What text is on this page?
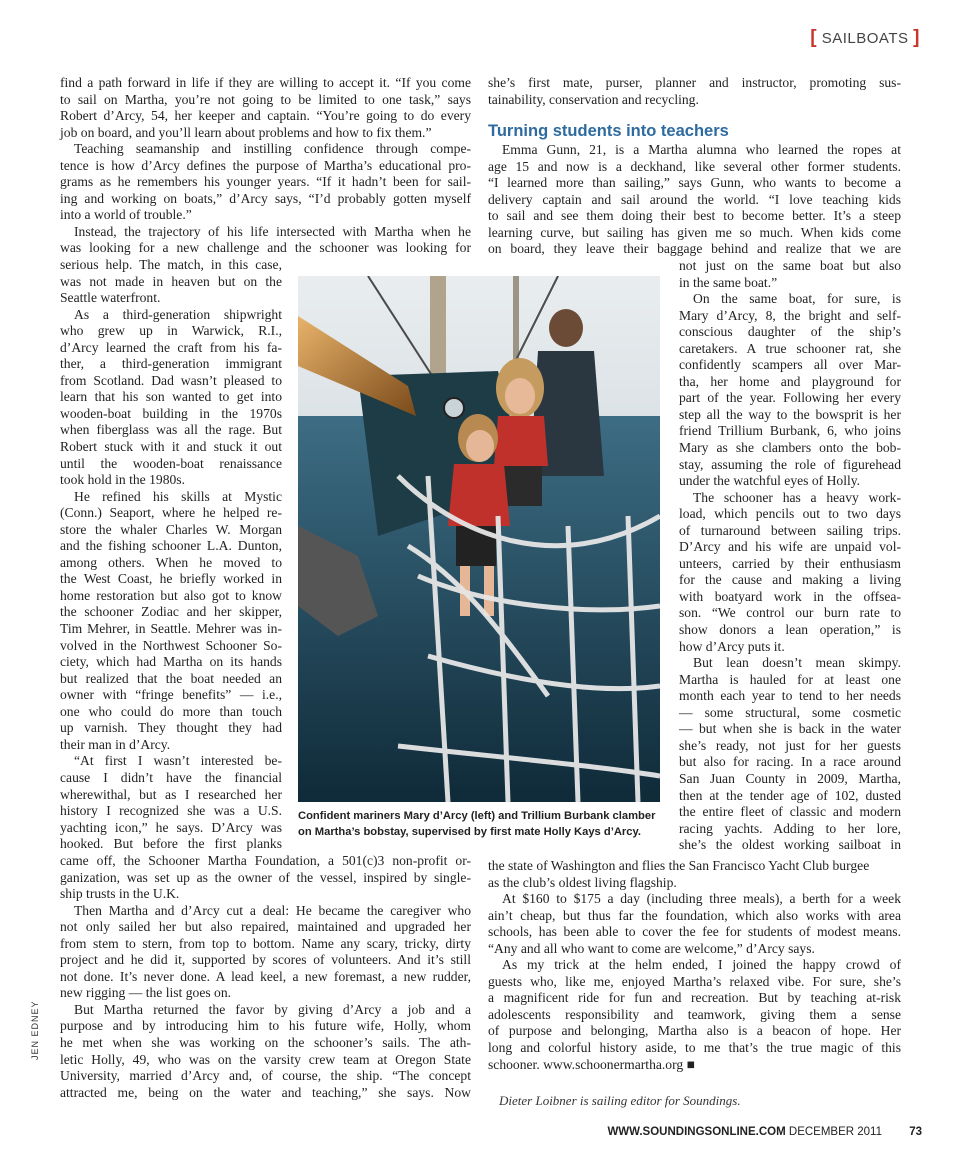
[ SAILBOATS ]
find a path forward in life if they are willing to accept it. “If you come
to sail on Martha, you’re not going to be limited to one task,” says
Robert d’Arcy, 54, her keeper and captain. “You’re going to do every
job on board, and you’ll learn about problems and how to fix them.”
Teaching seamanship and instilling confidence through compe-
tence is how d’Arcy defines the purpose of Martha’s educational pro-
grams as he remembers his younger years. “If it hadn’t been for sail-
ing and working on boats,” d’Arcy says, “I’d probably gotten myself
into a world of trouble.”
Instead, the trajectory of his life intersected with Martha when he
was looking for a new challenge and the schooner was looking for
serious help. The match, in this case,
was not made in heaven but on the
Seattle waterfront.
As a third-generation shipwright
who grew up in Warwick, R.I.,
d’Arcy learned the craft from his fa-
ther, a third-generation immigrant
from Scotland. Dad wasn’t pleased to
learn that his son wanted to get into
wooden-boat building in the 1970s
when fiberglass was all the rage. But
Robert stuck with it and stuck it out
until the wooden-boat renaissance
took hold in the 1980s.
He refined his skills at Mystic
(Conn.) Seaport, where he helped re-
store the whaler Charles W. Morgan
and the fishing schooner L.A. Dunton,
among others. When he moved to
the West Coast, he briefly worked in
home restoration but also got to know
the schooner Zodiac and her skipper,
Tim Mehrer, in Seattle. Mehrer was in-
volved in the Northwest Schooner So-
ciety, which had Martha on its hands
but realized that the boat needed an
owner with “fringe benefits” — i.e.,
one who could do more than touch
up varnish. They thought they had
their man in d’Arcy.
“At first I wasn’t interested be-
cause I didn’t have the financial
wherewithal, but as I researched her
history I recognized she was a U.S.
yachting icon,” he says. D’Arcy was
hooked. But before the first planks
came off, the Schooner Martha Foundation, a 501(c)3 non-profit or-
ganization, was set up as the owner of the vessel, inspired by single-
ship trusts in the U.K.
Then Martha and d’Arcy cut a deal: He became the caregiver who
not only sailed her but also repaired, maintained and upgraded her
from stem to stern, from top to bottom. Name any scary, tricky, dirty
project and he did it, supported by scores of volunteers. And it’s still
not done. It’s never done. A lead keel, a new foremast, a new rudder,
new rigging — the list goes on.
But Martha returned the favor by giving d’Arcy a job and a
purpose and by introducing him to his future wife, Holly, whom
he met when she was working on the schooner’s sails. The ath-
letic Holly, 49, who was on the varsity crew team at Oregon State
University, married d’Arcy and, of course, the ship. “The concept
attracted me, being on the water and teaching,” she says. Now
she’s first mate, purser, planner and instructor, promoting sus-
tainability, conservation and recycling.
Turning students into teachers
Emma Gunn, 21, is a Martha alumna who learned the ropes at
age 15 and now is a deckhand, like several other former students.
“I learned more than sailing,” says Gunn, who wants to become a
delivery captain and sail around the world. “I love teaching kids
to sail and see them doing their best to become better. It’s a steep
learning curve, but sailing has given me so much. When kids come
on board, they leave their baggage behind and realize that we are
not just on the same boat but also
in the same boat.”
On the same boat, for sure, is
Mary d’Arcy, 8, the bright and self-
conscious daughter of the ship’s
caretakers. A true schooner rat, she
confidently scampers all over Mar-
tha, her home and playground for
part of the year. Following her every
step all the way to the bowsprit is her
friend Trillium Burbank, 6, who joins
Mary as she clambers onto the bob-
stay, assuming the role of figurehead
under the watchful eyes of Holly.
The schooner has a heavy work-
load, which pencils out to two days
of turnaround between sailing trips.
D’Arcy and his wife are unpaid vol-
unteers, carried by their enthusiasm
for the cause and making a living
with boatyard work in the offsea-
son. “We control our burn rate to
show donors a lean operation,” is
how d’Arcy puts it.
But lean doesn’t mean skimpy.
Martha is hauled for at least one
month each year to tend to her needs
— some structural, some cosmetic
— but when she is back in the water
she’s ready, not just for her guests
but also for racing. In a race around
San Juan County in 2009, Martha,
then at the tender age of 102, dusted
the entire fleet of classic and modern
racing yachts. Adding to her lore,
she’s the oldest working sailboat in
the state of Washington and flies the San Francisco Yacht Club burgee
as the club’s oldest living flagship.
At $160 to $175 a day (including three meals), a berth for a week
ain’t cheap, but thus far the foundation, which also works with area
schools, has been able to cover the fee for students of modest means.
“Any and all who want to come are welcome,” d’Arcy says.
As my trick at the helm ended, I joined the happy crowd of
guests who, like me, enjoyed Martha’s relaxed vibe. For sure, she’s
a magnificent ride for fun and recreation. But by teaching at-risk
adolescents responsibility and teamwork, giving them a sense
of purpose and belonging, Martha also is a beacon of hope. Her
long and colorful history aside, to me that’s the true magic of this
schooner. www.schoonermartha.org ■
Confident mariners Mary d’Arcy (left) and Trillium Burbank clamber
on Martha’s bobstay, supervised by first mate Holly Kays d’Arcy.
JEN EDNEY
Dieter Loibner is sailing editor for Soundings.
WWW.SOUNDINGSONLINE.COM DECEMBER 2011 73
